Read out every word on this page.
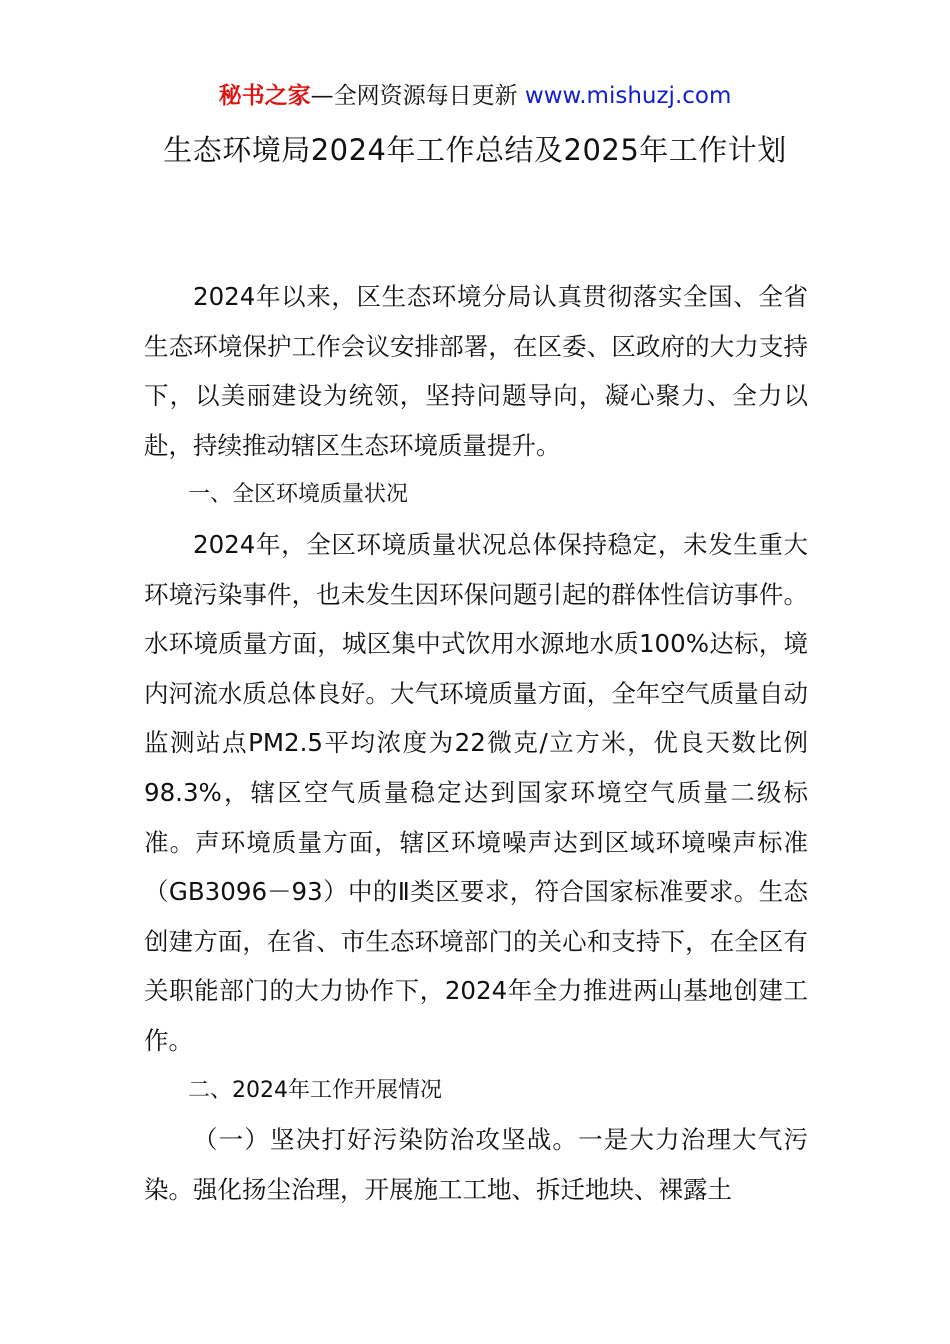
秘书之家—全网资源每日更新 www.mishuzj.com
生态环境局2024年工作总结及2025年工作计划

2024年以来，区生态环境分局认真贯彻落实全国、全省生态环境保护工作会议安排部署，在区委、区政府的大力支持下，以美丽建设为统领，坚持问题导向，凝心聚力、全力以赴，持续推动辖区生态环境质量提升。

一、全区环境质量状况

2024年，全区环境质量状况总体保持稳定，未发生重大环境污染事件，也未发生因环保问题引起的群体性信访事件。水环境质量方面，城区集中式饮用水源地水质100%达标，境内河流水质总体良好。大气环境质量方面，全年空气质量自动监测站点PM2.5平均浓度为22微克/立方米，优良天数比例98.3%，辖区空气质量稳定达到国家环境空气质量二级标准。声环境质量方面，辖区环境噪声达到区域环境噪声标准（GB3096－93）中的Ⅱ类区要求，符合国家标准要求。生态创建方面，在省、市生态环境部门的关心和支持下，在全区有关职能部门的大力协作下，2024年全力推进两山基地创建工作。

二、2024年工作开展情况

（一）坚决打好污染防治攻坚战。一是大力治理大气污染。强化扬尘治理，开展施工工地、拆迁地块、裸露土
